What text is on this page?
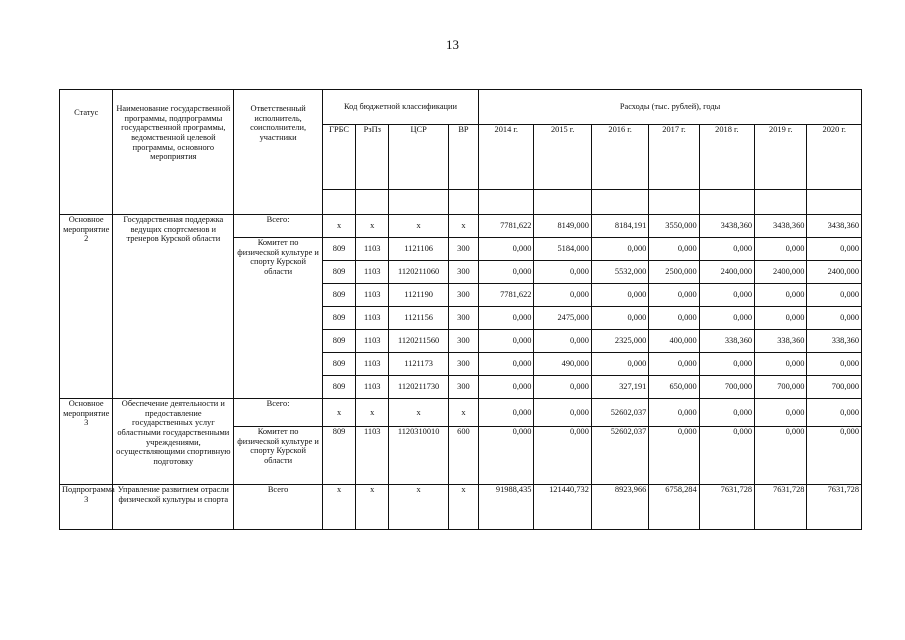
13
Статус	Наименование государственной программы, подпрограммы государственной программы, ведомственной целевой программы, основного мероприятия	Ответственный исполнитель, соисполнители, участники	Код бюджетной классификации				Расходы (тыс. рублей), годы						
			ГРБС	РзПз	ЦСР	ВР	2014 г.	2015 г.	2016 г.	2017 г.	2018 г.	2019 г.	2020 г.

Основное мероприятие 2	Государственная поддержка ведущих спортсменов и тренеров Курской области	Всего:	х	х	х	х	7781,622	8149,000	8184,191	3550,000	3438,360	3438,360	3438,360
		Комитет по физической культуре и спорту Курской области	809	1103	1121106	300	0,000	5184,000	0,000	0,000	0,000	0,000	0,000
			809	1103	1120211060	300	0,000	0,000	5532,000	2500,000	2400,000	2400,000	2400,000
			809	1103	1121190	300	7781,622	0,000	0,000	0,000	0,000	0,000	0,000
			809	1103	1121156	300	0,000	2475,000	0,000	0,000	0,000	0,000	0,000
			809	1103	1120211560	300	0,000	0,000	2325,000	400,000	338,360	338,360	338,360
			809	1103	1121173	300	0,000	490,000	0,000	0,000	0,000	0,000	0,000
			809	1103	1120211730	300	0,000	0,000	327,191	650,000	700,000	700,000	700,000
Основное мероприятие 3	Обеспечение деятельности и предоставление государственных услуг областными государственными учреждениями, осуществляющими спортивную подготовку	Всего:	х	х	х	х	0,000	0,000	52602,037	0,000	0,000	0,000	0,000
		Комитет по физической культуре и спорту Курской области	809	1103	1120310010	600	0,000	0,000	52602,037	0,000	0,000	0,000	0,000
Подпрограмма 3	Управление развитием отрасли физической культуры и спорта	Всего	х	х	х	х	91988,435	121440,732	8923,966	6758,284	7631,728	7631,728	7631,728
